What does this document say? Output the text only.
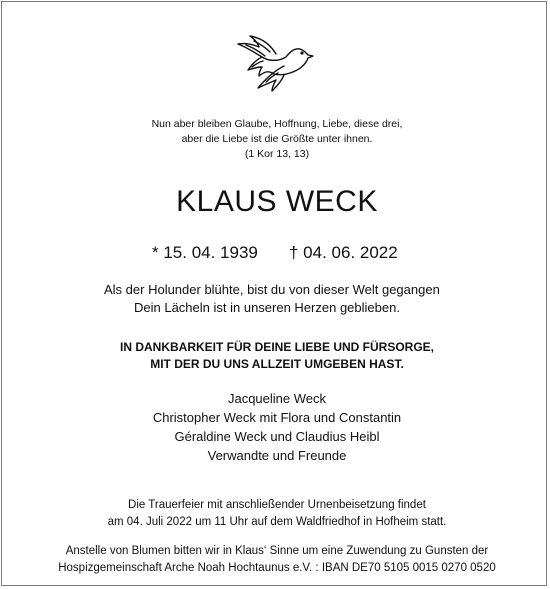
Nun aber bleiben Glaube, Hoffnung, Liebe, diese drei,
aber die Liebe ist die Größte unter ihnen.
(1 Kor 13, 13)
KLAUS WECK
* 15. 04. 1939 † 04. 06. 2022
Als der Holunder blühte, bist du von dieser Welt gegangen
Dein Lächeln ist in unseren Herzen geblieben.
IN DANKBARKEIT FÜR DEINE LIEBE UND FÜRSORGE,
MIT DER DU UNS ALLZEIT UMGEBEN HAST.
Jacqueline Weck
Christopher Weck mit Flora und Constantin
Géraldine Weck und Claudius Heibl
Verwandte und Freunde
Die Trauerfeier mit anschließender Urnenbeisetzung findet
am 04. Juli 2022 um 11 Uhr auf dem Waldfriedhof in Hofheim statt.
Anstelle von Blumen bitten wir in Klaus‘ Sinne um eine Zuwendung zu Gunsten der
Hospizgemeinschaft Arche Noah Hochtaunus e.V. : IBAN DE70 5105 0015 0270 0520
